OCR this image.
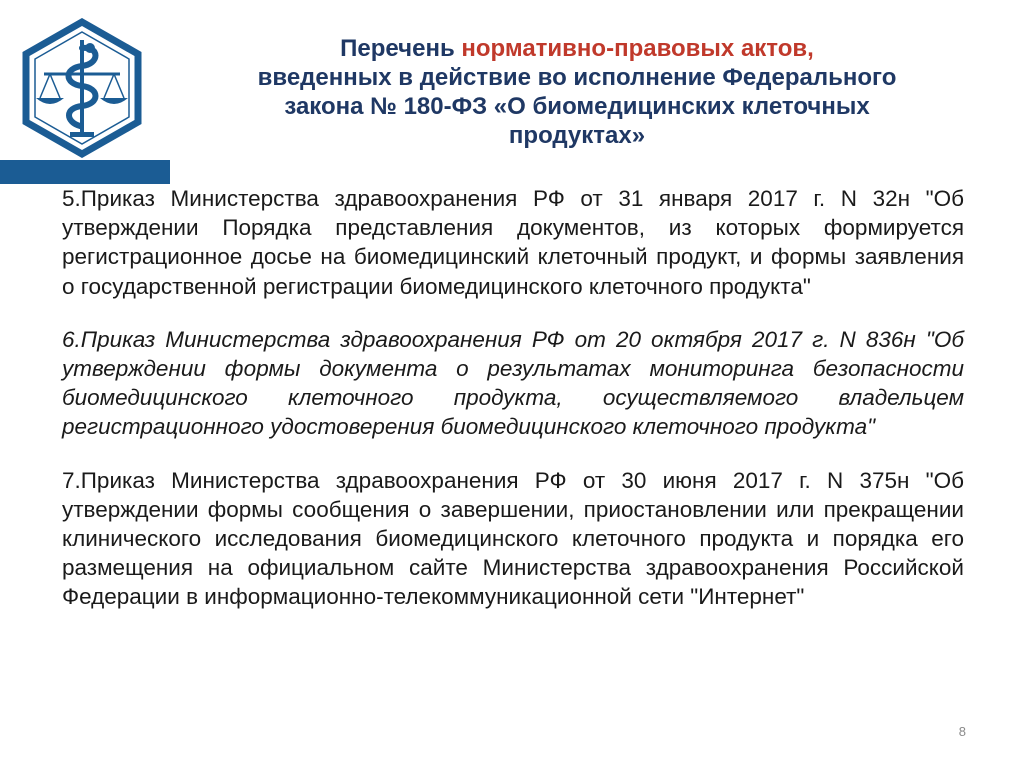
Перечень нормативно-правовых актов,
введенных в действие во исполнение Федерального
закона № 180-ФЗ «О биомедицинских клеточных
продуктах»

5.Приказ Министерства здравоохранения РФ от 31 января 2017 г. N 32н "Об утверждении Порядка представления документов, из которых формируется регистрационное досье на биомедицинский клеточный продукт, и формы заявления о государственной регистрации биомедицинского клеточного продукта"

6.Приказ Министерства здравоохранения РФ от 20 октября 2017 г. N 836н "Об утверждении формы документа о результатах мониторинга безопасности биомедицинского клеточного продукта, осуществляемого владельцем регистрационного удостоверения биомедицинского клеточного продукта"

7.Приказ Министерства здравоохранения РФ от 30 июня 2017 г. N 375н "Об утверждении формы сообщения о завершении, приостановлении или прекращении клинического исследования биомедицинского клеточного продукта и порядка его размещения на официальном сайте Министерства здравоохранения Российской Федерации в информационно-телекоммуникационной сети "Интернет"

8
